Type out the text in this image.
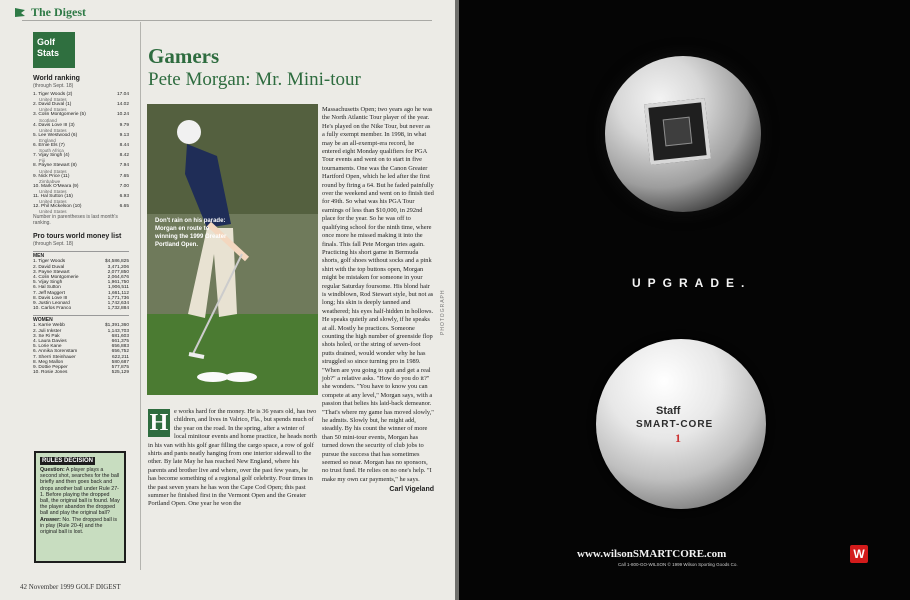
The Digest
Golf Stats
World ranking
(through Sept. 18)
1. Tiger Woods (2)	17.04
United States
2. David Duval (1)	14.02
United States
3. Colin Montgomerie (5)	10.24
Scotland
4. Davis Love III (3)	9.79
United States
5. Lee Westwood (6)	9.13
England
6. Ernie Els (7)	8.44
South Africa
7. Vijay Singh (4)	8.42
Fiji
8. Payne Stewart (8)	7.94
United States
9. Nick Price (11)	7.65
Zimbabwe
10. Mark O'Meara (9)	7.00
United States
11. Hal Sutton (15)	6.93
United States
12. Phil Mickelson (10)	6.65
United States
Number in parentheses is last month's ranking.
Pro tours world money list
(through Sept. 18)
MEN
1. Tiger Woods	$4,586,825
2. David Duval	3,471,206
3. Payne Stewart	2,077,850
4. Colin Montgomerie	2,064,676
5. Vijay Singh	1,961,750
6. Hal Sutton	1,906,511
7. Jeff Maggert	1,661,112
8. Davis Love III	1,771,736
9. Justin Leonard	1,742,634
10. Carlos Franco	1,732,884
WOMEN
1. Karrie Webb	$1,391,360
2. Juli Inkster	1,143,703
3. Se Ri Pak	681,603
4. Laura Davies	661,375
5. Lorie Kane	656,883
6. Annika Sorenstam	656,752
7. Sherri Steinhauer	622,211
8. Meg Mallon	580,687
9. Dottie Pepper	577,875
10. Rosie Jones	525,129
RULES DECISION
Question: A player plays a second shot, searches for the ball briefly and then goes back and drops another ball under Rule 27-1. Before playing the dropped ball, the original ball is found. May the player abandon the dropped ball and play the original ball?
Answer: No. The dropped ball is in play (Rule 20-4) and the original ball is lost.
Gamers
Pete Morgan: Mr. Mini-tour
Don't rain on his parade: Morgan en route to winning the 1999 Greater Portland Open.
H e works hard for the money. He is 36 years old, has two children, and lives in Valrico, Fla., but spends much of the year on the road. In the spring, after a winter of local minitour events and home practice, he heads north in his van with his golf gear filling the cargo space, a row of golf shirts and pants neatly hanging from one interior sidewall to the other. By late May he has reached New England, where his parents and brother live and where, over the past few years, he has become something of a regional golf celebrity. Four times in the past seven years he has won the Cape Cod Open; this past summer he finished first in the Vermont Open and the Greater Portland Open. One year he won the
Massachusetts Open; two years ago he was the North Atlantic Tour player of the year. He's played on the Nike Tour, but never as a fully exempt member. In 1998, in what may be an all-exempt-era record, he entered eight Monday qualifiers for PGA Tour events and went on to start in five tournaments. One was the Canon Greater Hartford Open, which he led after the first round by firing a 64. But he faded painfully over the weekend and went on to finish tied for 49th. So what was his PGA Tour earnings of less than $10,000, in 292nd place for the year. So he was off to qualifying school for the ninth time, where once more he missed making it into the finals. This fall Pete Morgan tries again. Practicing his short game in Bermuda shorts, golf shoes without socks and a pink shirt with the top buttons open, Morgan might be mistaken for someone in your regular Saturday foursome. His blond hair is windblown, Rod Stewart style, but not as long; his skin is deeply tanned and weathered; his eyes half-hidden in hollows. He speaks quietly and slowly, if he speaks at all. Mostly he practices. Someone counting the high number of greenside flop shots holed, or the string of seven-foot putts drained, would wonder why he has struggled so since turning pro in 1989. "When are you going to quit and get a real job?" a relative asks. "How do you do it?" she wonders. "You have to know you can compete at any level," Morgan says, with a passion that belies his laid-back demeanor. "That's where my game has moved slowly," he admits. Slowly but, he might add, steadily. By his count the winner of more than 50 mini-tour events, Morgan has turned down the security of club jobs to pursue the success that has sometimes seemed so near. Morgan has no sponsors, no trust fund. He relies on no one's help. "I make my own car payments," he says.
Carl Vigeland
PHOTOGRAPH
42 November 1999 GOLF DIGEST
UPGRADE.
Staff
SMART-CORE
1
www.wilsonSMARTCORE.com
Call 1-800-GO-WILSON © 1999 Wilson Sporting Goods Co.
W
